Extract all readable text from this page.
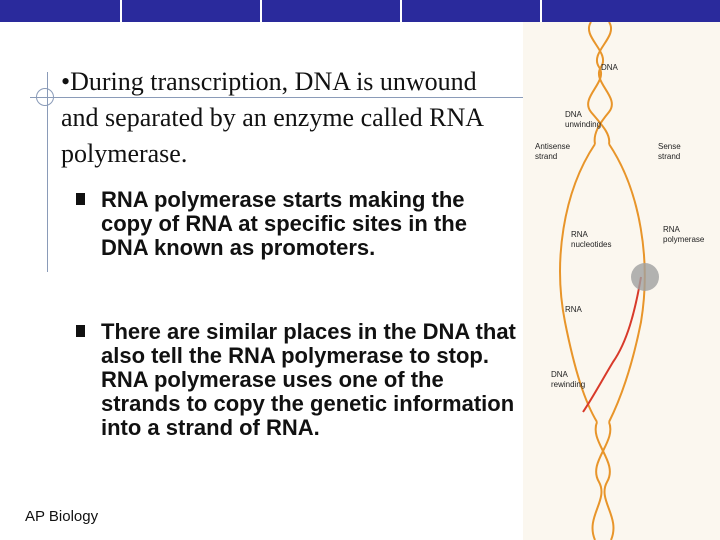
•During transcription, DNA is unwound and separated by an enzyme called RNA polymerase.
RNA polymerase starts making the copy of RNA at specific sites in the DNA known as promoters.
There are similar places in the DNA that also tell the RNA polymerase to stop. RNA polymerase uses one of the strands to copy the genetic information into a strand of RNA.
AP Biology
DNA
DNA
unwinding
Antisense
strand
Sense
strand
RNA
nucleotides
RNA
polymerase
RNA
DNA
rewinding
